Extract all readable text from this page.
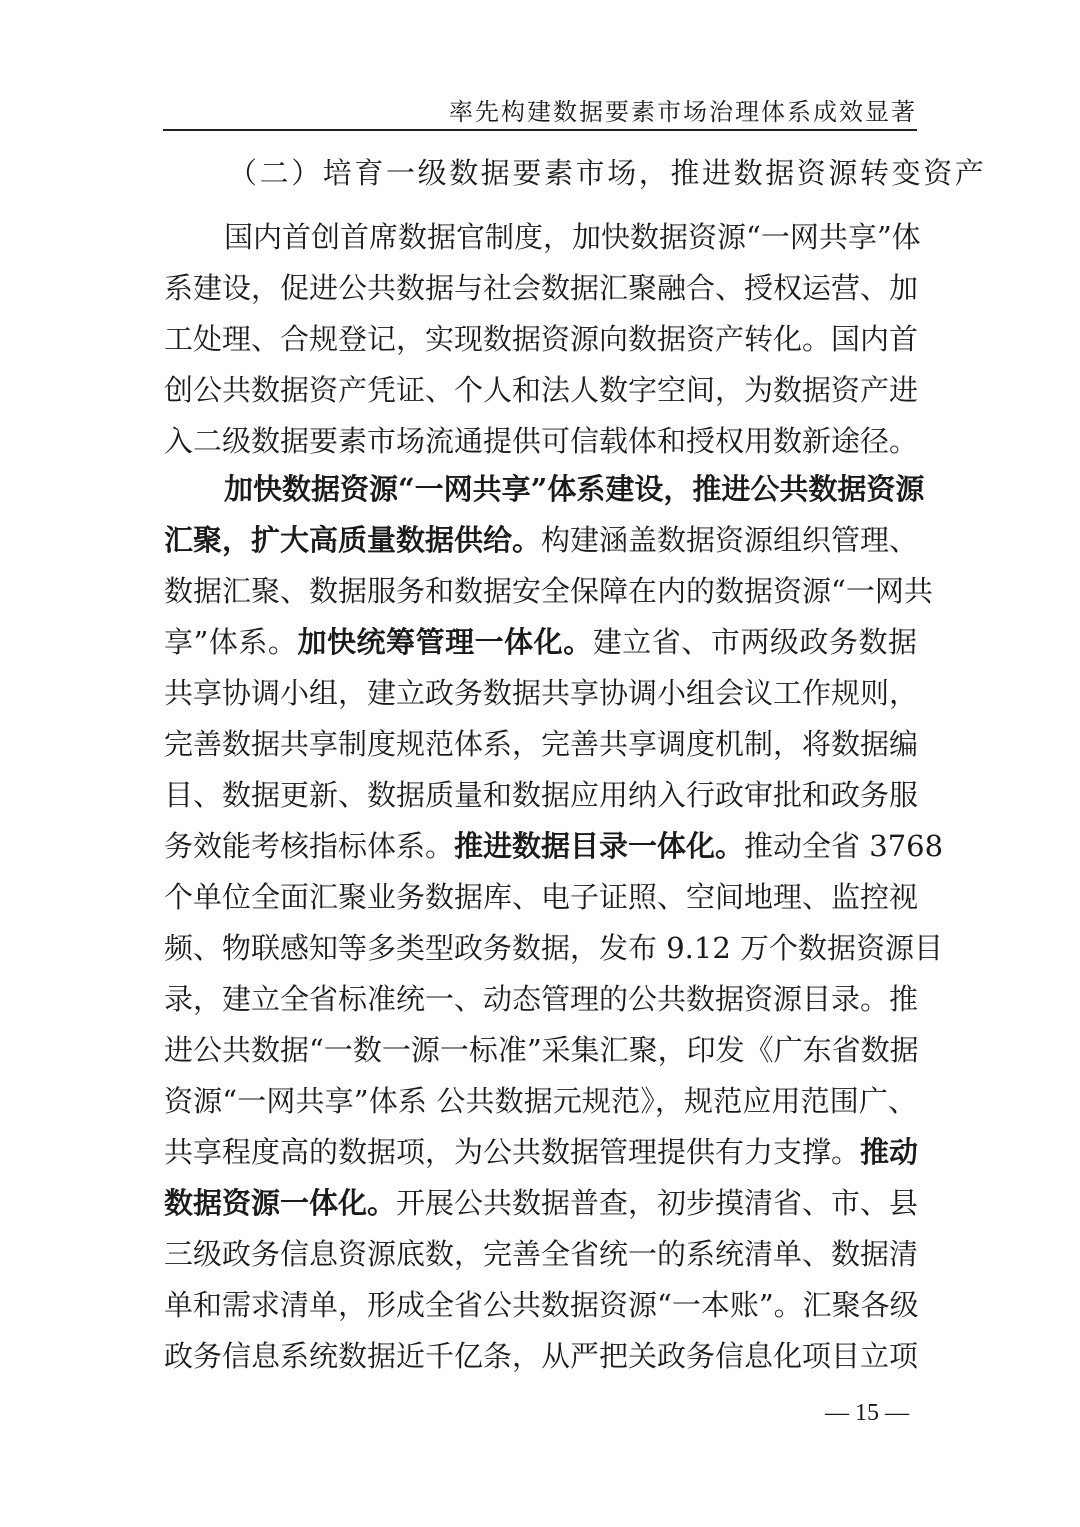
率先构建数据要素市场治理体系成效显著
（二）培育一级数据要素市场，推进数据资源转变资产
国内首创首席数据官制度，加快数据资源“一网共享”体
系建设，促进公共数据与社会数据汇聚融合、授权运营、加
工处理、合规登记，实现数据资源向数据资产转化。国内首
创公共数据资产凭证、个人和法人数字空间，为数据资产进
入二级数据要素市场流通提供可信载体和授权用数新途径。
加快数据资源“一网共享”体系建设，推进公共数据资源
汇聚，扩大高质量数据供给。构建涵盖数据资源组织管理、
数据汇聚、数据服务和数据安全保障在内的数据资源“一网共
享”体系。加快统筹管理一体化。建立省、市两级政务数据
共享协调小组，建立政务数据共享协调小组会议工作规则，
完善数据共享制度规范体系，完善共享调度机制，将数据编
目、数据更新、数据质量和数据应用纳入行政审批和政务服
务效能考核指标体系。推进数据目录一体化。推动全省 3768
个单位全面汇聚业务数据库、电子证照、空间地理、监控视
频、物联感知等多类型政务数据，发布 9.12 万个数据资源目
录，建立全省标准统一、动态管理的公共数据资源目录。推
进公共数据“一数一源一标准”采集汇聚，印发《广东省数据
资源“一网共享”体系 公共数据元规范》，规范应用范围广、
共享程度高的数据项，为公共数据管理提供有力支撑。推动
数据资源一体化。开展公共数据普查，初步摸清省、市、县
三级政务信息资源底数，完善全省统一的系统清单、数据清
单和需求清单，形成全省公共数据资源“一本账”。汇聚各级
政务信息系统数据近千亿条，从严把关政务信息化项目立项
— 15 —
